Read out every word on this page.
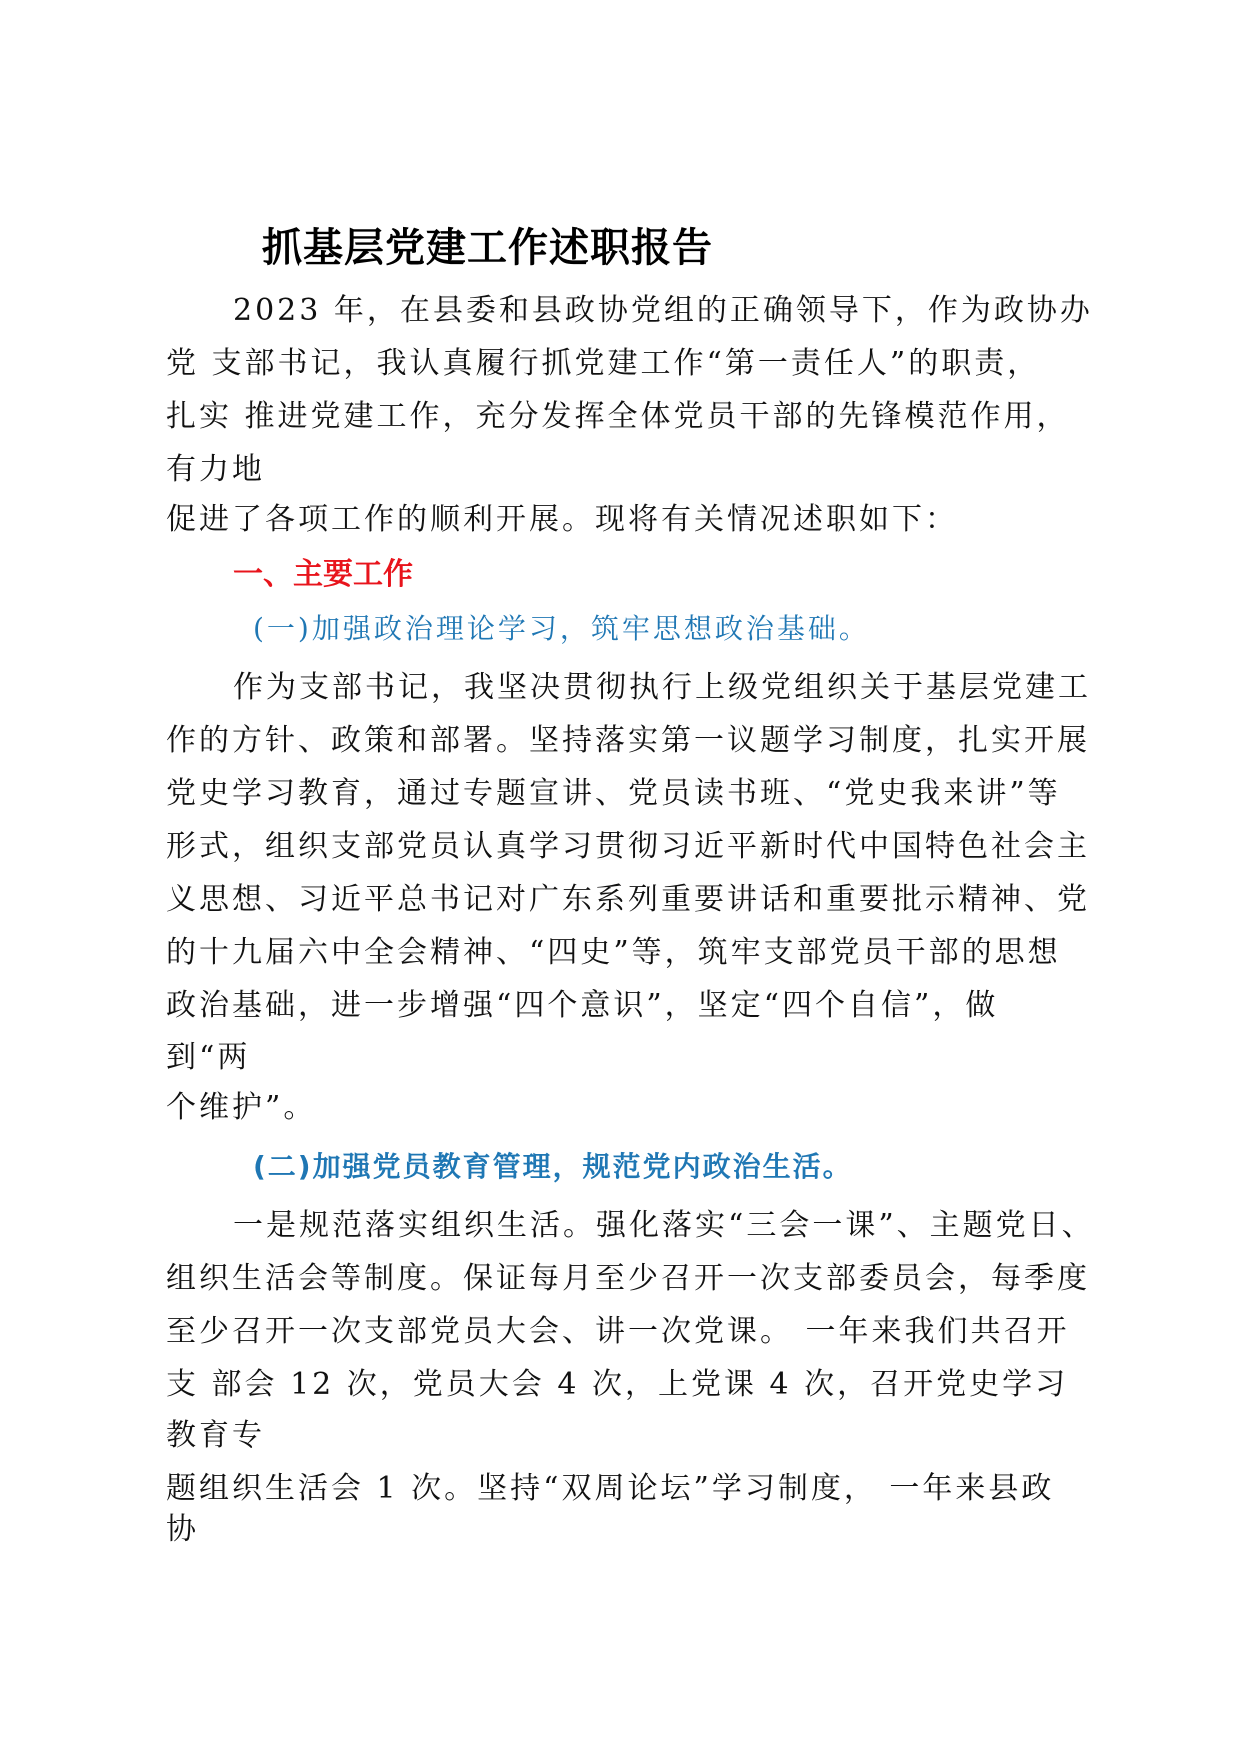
抓基层党建工作述职报告
2023 年，在县委和县政协党组的正确领导下，作为政协办
党 支部书记，我认真履行抓党建工作“第一责任人”的职责，
扎实 推进党建工作，充分发挥全体党员干部的先锋模范作用，
有力地
促进了各项工作的顺利开展。现将有关情况述职如下：
一、主要工作
(一)加强政治理论学习，筑牢思想政治基础。
作为支部书记，我坚决贯彻执行上级党组织关于基层党建工
作的方针、政策和部署。坚持落实第一议题学习制度，扎实开展
党史学习教育，通过专题宣讲、党员读书班、“党史我来讲”等
形式，组织支部党员认真学习贯彻习近平新时代中国特色社会主
义思想、习近平总书记对广东系列重要讲话和重要批示精神、党
的十九届六中全会精神、“四史”等，筑牢支部党员干部的思想
政治基础，进一步增强“四个意识”，坚定“四个自信”，做
到“两
个维护”。
(二)加强党员教育管理，规范党内政治生活。
一是规范落实组织生活。强化落实“三会一课”、主题党日、
组织生活会等制度。保证每月至少召开一次支部委员会，每季度
至少召开一次支部党员大会、讲一次党课。 一年来我们共召开
支 部会 12 次，党员大会 4 次，上党课 4 次，召开党史学习
教育专
题组织生活会 1 次。坚持“双周论坛”学习制度， 一年来县政
协
